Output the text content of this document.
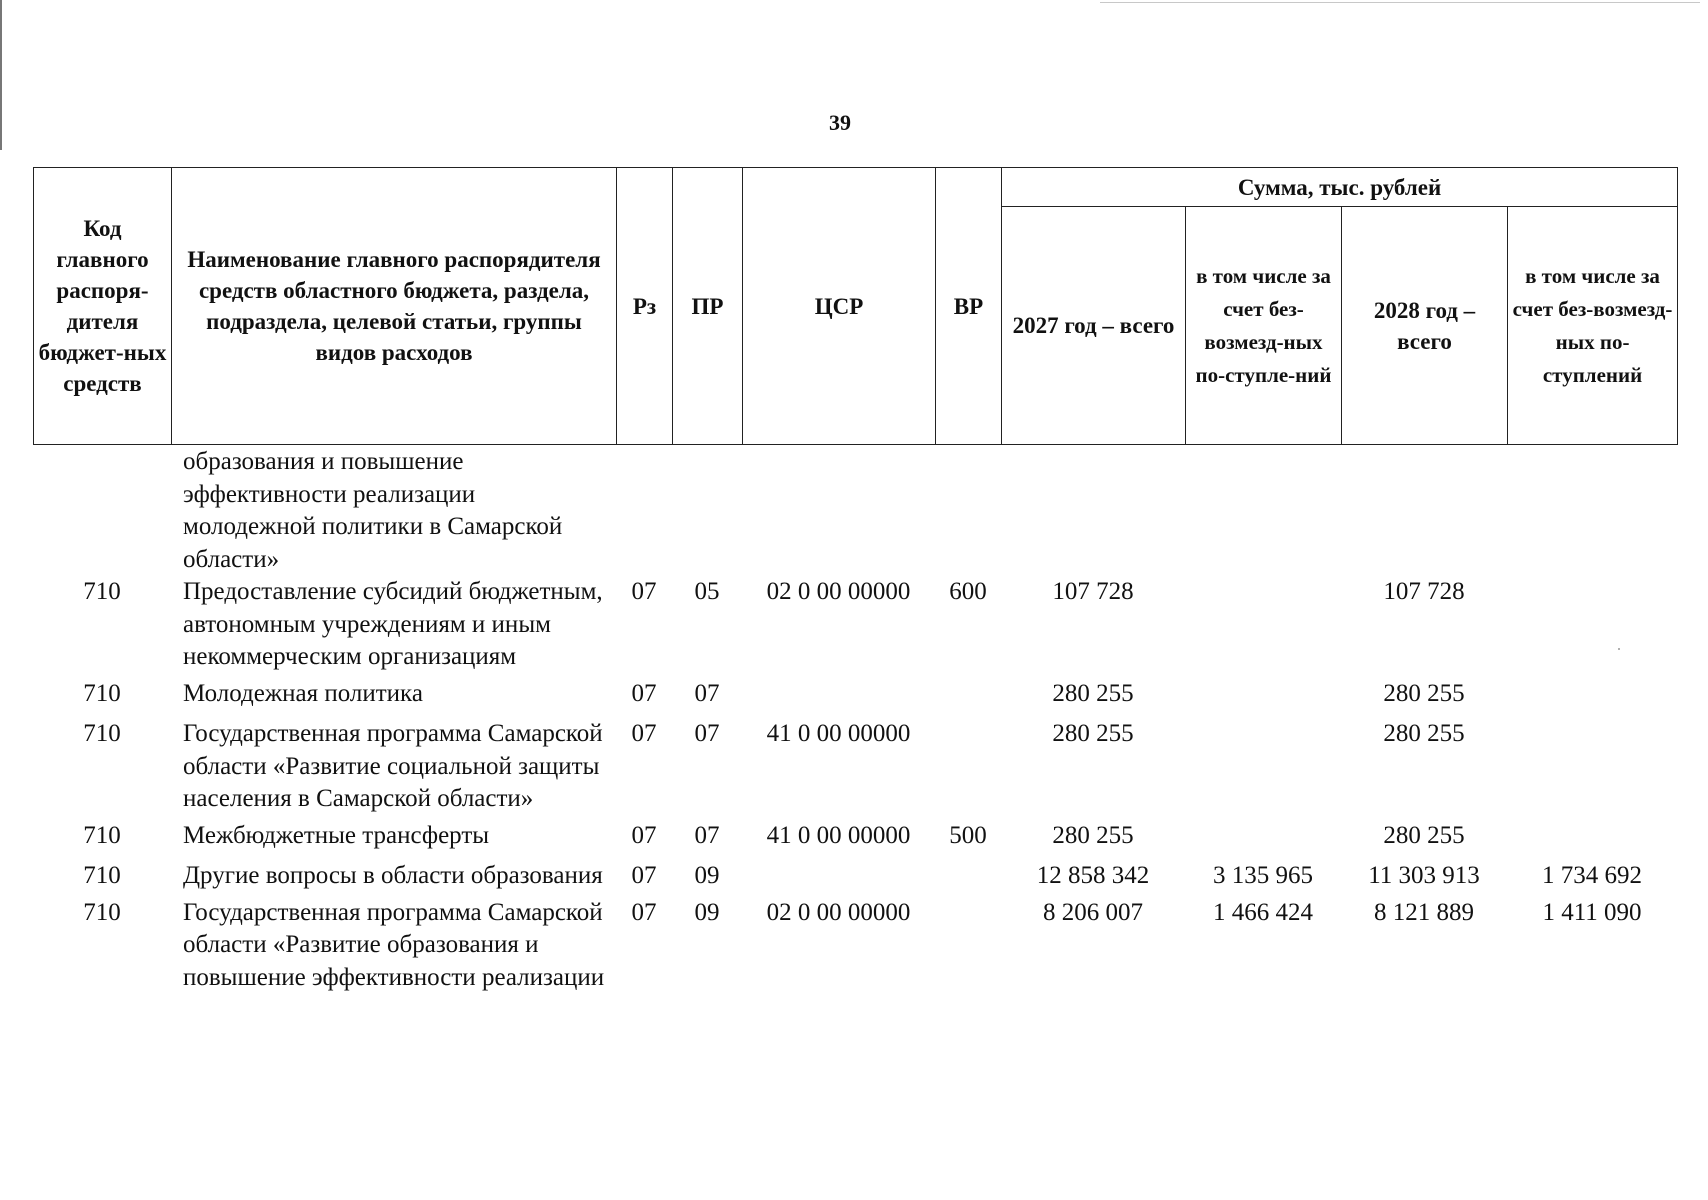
39
Код главного распоря-дителя бюджет-ных средств	Наименование главного распорядителя средств областного бюджета, раздела, подраздела, целевой статьи, группы видов расходов	Рз	ПР	ЦСР	ВР	Сумма, тыс. рублей			
						2027 год – всего	в том числе за счет без-возмезд-ных по-ступле-ний	2028 год – всего	в том числе за счет без-возмезд-ных по-ступлений
	образования и повышение эффективности реализации молодежной политики в Самарской области»								
710	Предоставление субсидий бюджетным, автономным учреждениям и иным некоммерческим организациям	07	05	02 0 00 00000	600	107 728		107 728	
710	Молодежная политика	07	07			280 255		280 255	
710	Государственная программа Самарской области «Развитие социальной защиты населения в Самарской области»	07	07	41 0 00 00000		280 255		280 255	
710	Межбюджетные трансферты	07	07	41 0 00 00000	500	280 255		280 255	
710	Другие вопросы в области образования	07	09			12 858 342	3 135 965	11 303 913	1 734 692
710	Государственная программа Самарской области «Развитие образования и повышение эффективности реализации	07	09	02 0 00 00000		8 206 007	1 466 424	8 121 889	1 411 090
